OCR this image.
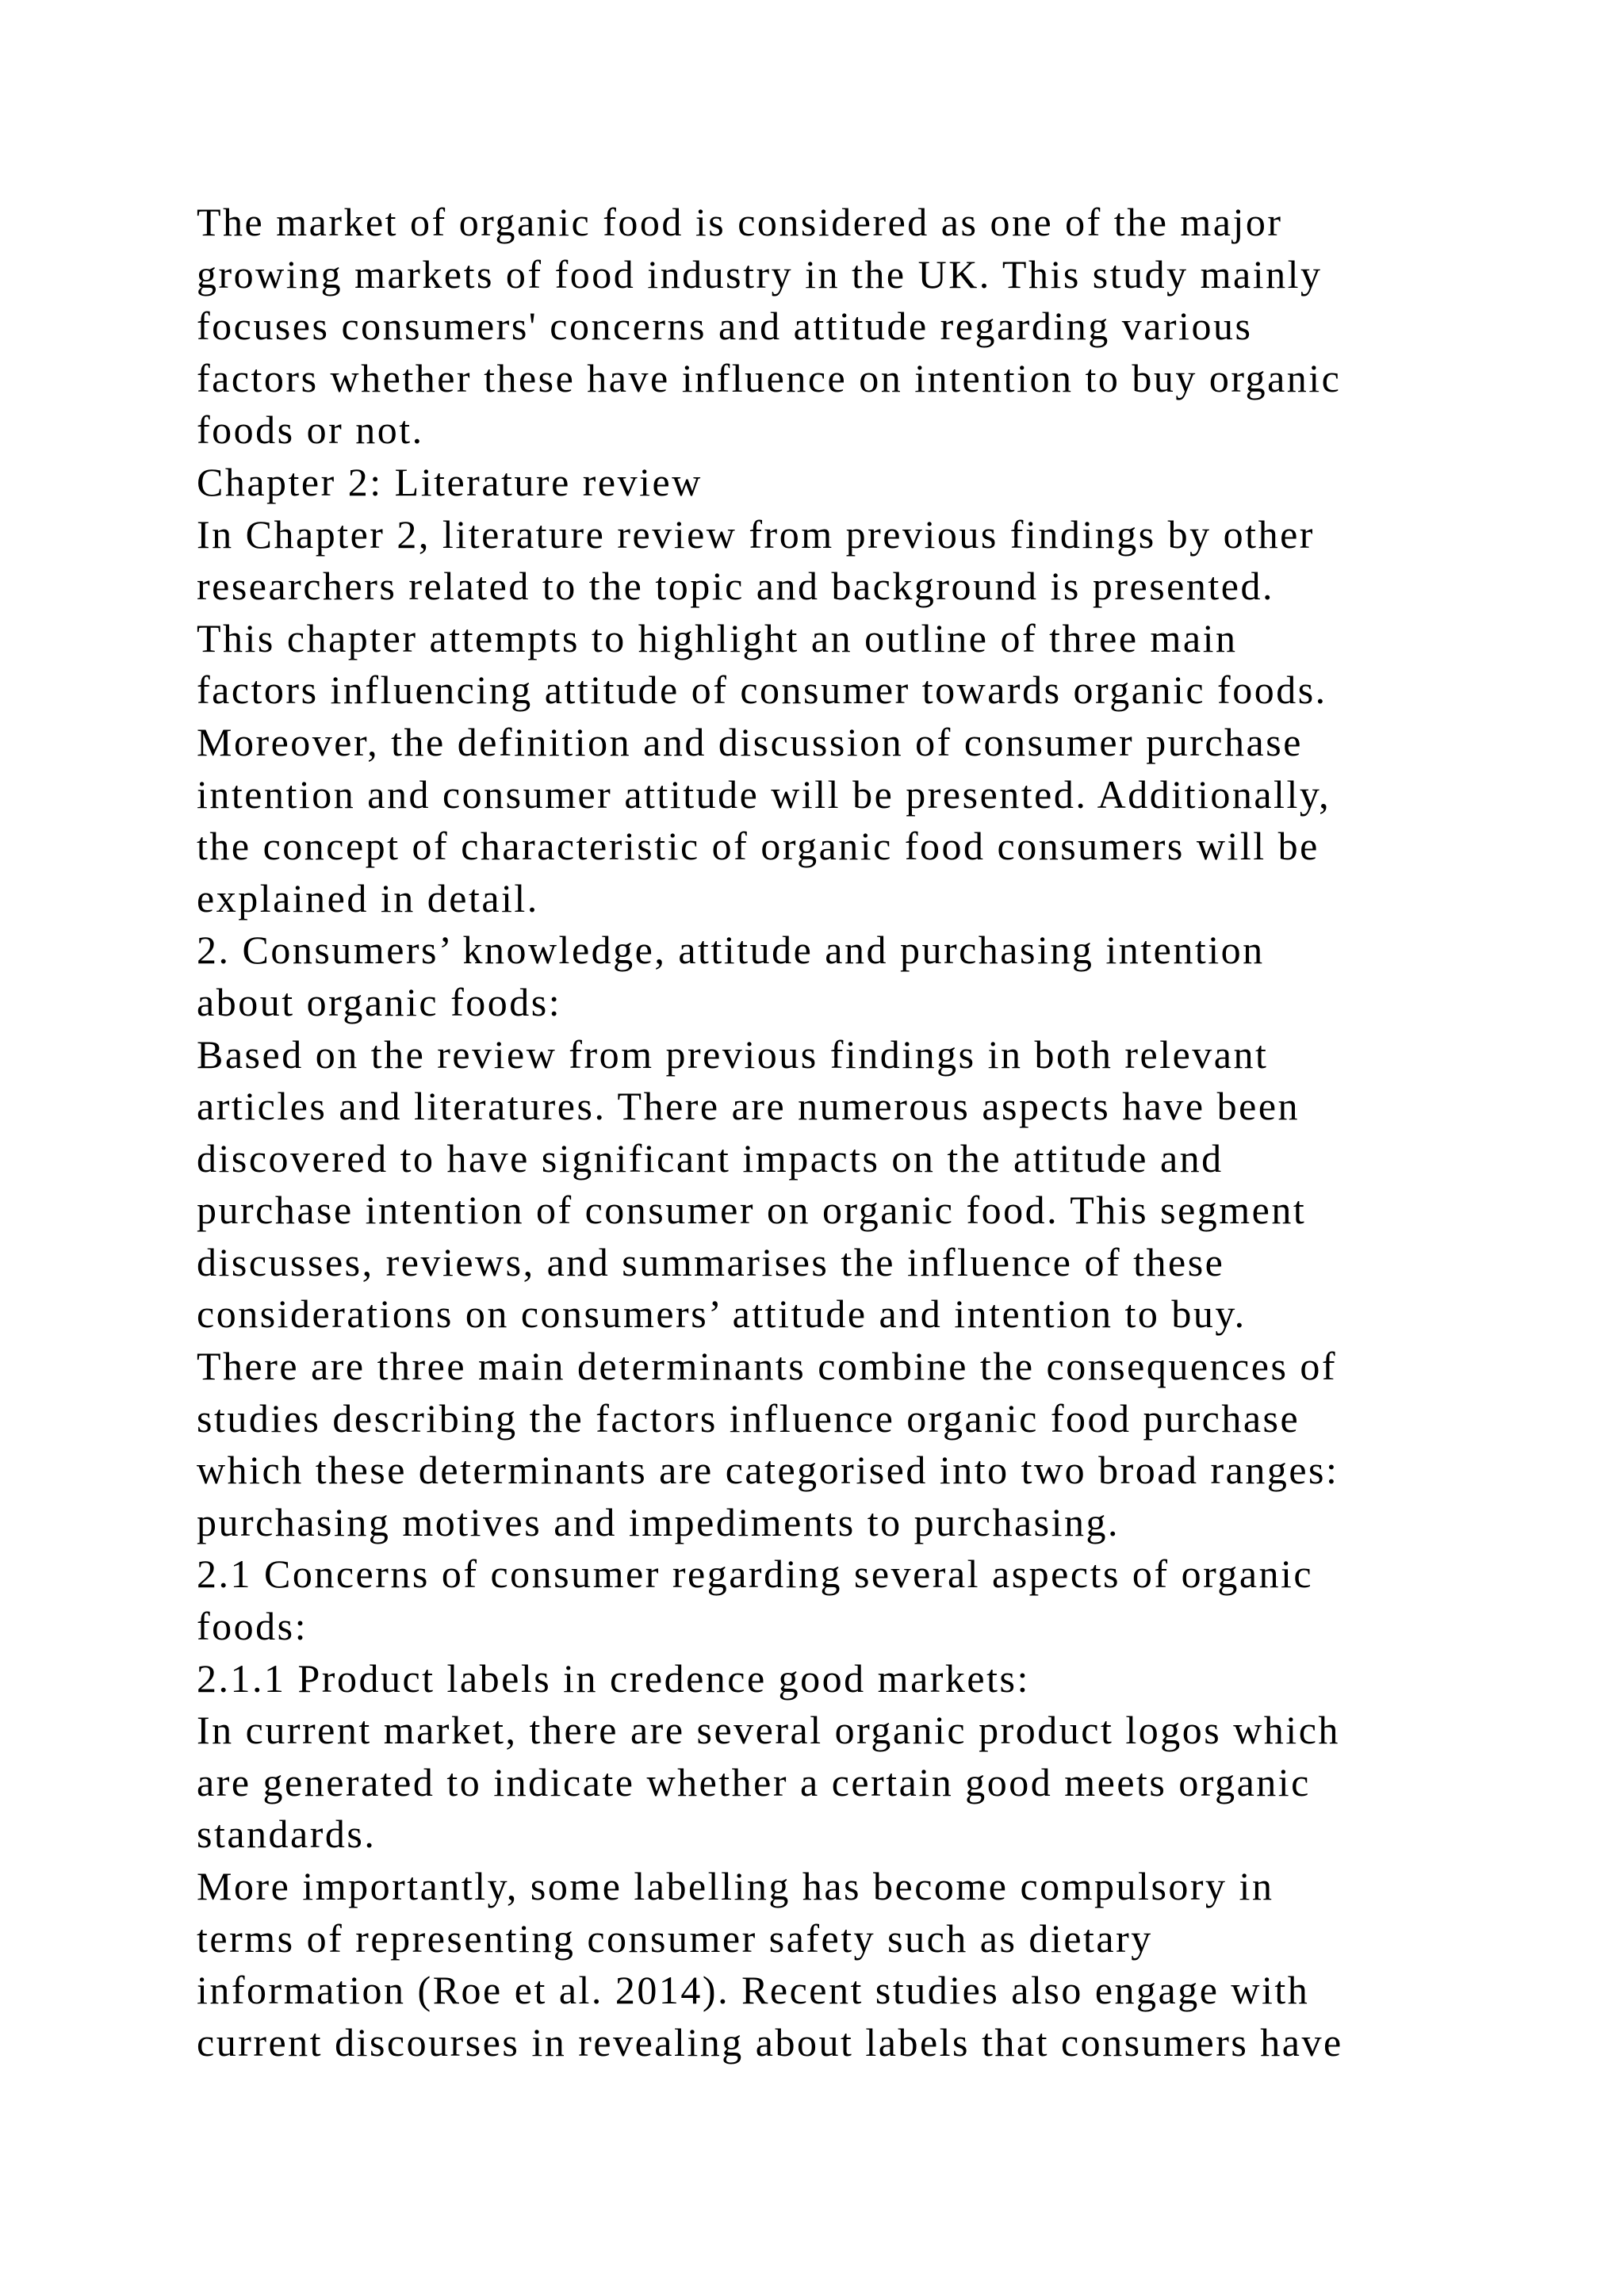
The market of organic food is considered as one of the major
growing markets of food industry in the UK. This study mainly
focuses consumers' concerns and attitude regarding various
factors whether these have influence on intention to buy organic
foods or not.
Chapter 2: Literature review
In Chapter 2, literature review from previous findings by other
researchers related to the topic and background is presented.
This chapter attempts to highlight an outline of three main
factors influencing attitude of consumer towards organic foods.
Moreover, the definition and discussion of consumer purchase
intention and consumer attitude will be presented. Additionally,
the concept of characteristic of organic food consumers will be
explained in detail.
2. Consumers’ knowledge, attitude and purchasing intention
about organic foods:
Based on the review from previous findings in both relevant
articles and literatures. There are numerous aspects have been
discovered to have significant impacts on the attitude and
purchase intention of consumer on organic food. This segment
discusses, reviews, and summarises the influence of these
considerations on consumers’ attitude and intention to buy.
There are three main determinants combine the consequences of
studies describing the factors influence organic food purchase
which these determinants are categorised into two broad ranges:
purchasing motives and impediments to purchasing.
2.1 Concerns of consumer regarding several aspects of organic
foods:
2.1.1 Product labels in credence good markets:
In current market, there are several organic product logos which
are generated to indicate whether a certain good meets organic
standards.
More importantly, some labelling has become compulsory in
terms of representing consumer safety such as dietary
information (Roe et al. 2014). Recent studies also engage with
current discourses in revealing about labels that consumers have
